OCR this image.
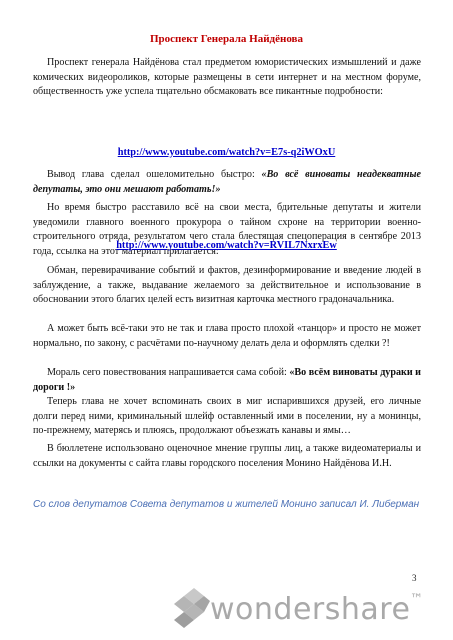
Проспект Генерала Найдёнова
Проспект генерала Найдёнова стал предметом юмористических измышлений и даже комических видеороликов, которые размещены в сети интернет и на местном форуме, общественность уже успела тщательно обсмаковать все пикантные подробности:
http://www.youtube.com/watch?v=E7s-q2iWOxU
Вывод глава сделал ошеломительно быстро: «Во всё виноваты неадекватные депутаты, это они мешают работать!»
Но время быстро расставило всё на свои места, бдительные депутаты и жители уведомили главного военного прокурора о тайном схроне на территории военно-строительного отряда, результатом чего стала блестящая спецоперация в сентябре 2013 года, ссылка на этот материал прилагается:
http://www.youtube.com/watch?v=RVIL7NxrxEw
Обман, перевирачивание событий и фактов, дезинформирование и введение людей в заблуждение, а также, выдавание желаемого за действительное и использование в обосновании этого благих целей есть визитная карточка местного градоначальника.
А может быть всё-таки это не так и глава просто плохой «танцор» и просто не может нормально, по закону, с расчётами по-научному делать дела и оформлять сделки ?!
Мораль сего повествования напрашивается сама собой: «Во всём виноваты дураки и дороги !»
Теперь глава не хочет вспоминать своих в миг испарившихся друзей, его личные долги перед ними, криминальный шлейф оставленный ими в поселении, ну а монинцы, по-прежнему, матерясь и плюясь, продолжают объезжать канавы и ямы…
В бюллетене использовано оценочное мнение группы лиц, а также видеоматериалы и ссылки на документы с сайта главы городского поселения Монино Найдёнова И.Н.
Со слов депутатов Совета депутатов и жителей Монино записал И. Либерман
3
wondershare ™
